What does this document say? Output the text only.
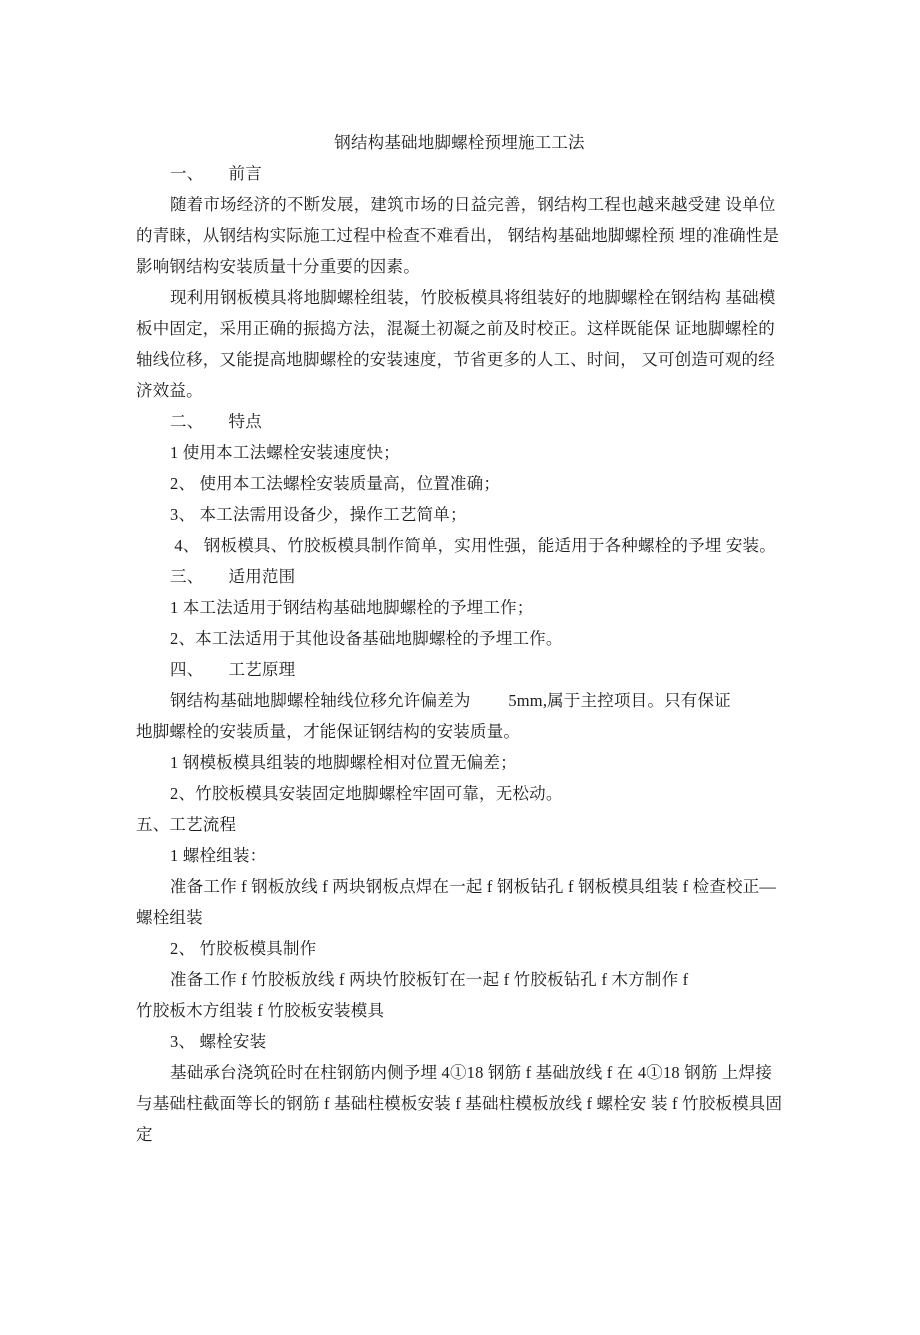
钢结构基础地脚螺栓预埋施工工法
一、　　前言
随着市场经济的不断发展，建筑市场的日益完善，钢结构工程也越来越受建 设单位
的青睐，从钢结构实际施工过程中检查不难看出， 钢结构基础地脚螺栓预 埋的准确性是
影响钢结构安装质量十分重要的因素。
现利用钢板模具将地脚螺栓组装，竹胶板模具将组装好的地脚螺栓在钢结构 基础模
板中固定，采用正确的振捣方法，混凝土初凝之前及时校正。这样既能保 证地脚螺栓的
轴线位移，又能提高地脚螺栓的安装速度，节省更多的人工、时间， 又可创造可观的经
济效益。
二、　　特点
1 使用本工法螺栓安装速度快；
2、 使用本工法螺栓安装质量高，位置准确；
3、 本工法需用设备少，操作工艺简单；
4、 钢板模具、竹胶板模具制作简单，实用性强，能适用于各种螺栓的予埋 安装。
三、　　适用范围
1 本工法适用于钢结构基础地脚螺栓的予埋工作；
2、本工法适用于其他设备基础地脚螺栓的予埋工作。
四、　　工艺原理
钢结构基础地脚螺栓轴线位移允许偏差为　　 5mm,属于主控项目。只有保证
地脚螺栓的安装质量，才能保证钢结构的安装质量。
1 钢模板模具组装的地脚螺栓相对位置无偏差；
2、竹胶板模具安装固定地脚螺栓牢固可靠，无松动。
五、工艺流程
1 螺栓组装：
准备工作 f 钢板放线 f 两块钢板点焊在一起 f 钢板钻孔 f 钢板模具组装 f 检查校正—
螺栓组装
2、 竹胶板模具制作
准备工作 f 竹胶板放线 f 两块竹胶板钉在一起 f 竹胶板钻孔 f 木方制作 f
竹胶板木方组装 f 竹胶板安装模具
3、 螺栓安装
基础承台浇筑砼时在柱钢筋内侧予埋 4①18 钢筋 f 基础放线 f 在 4①18 钢筋 上焊接
与基础柱截面等长的钢筋 f 基础柱模板安装 f 基础柱模板放线 f 螺栓安 装 f 竹胶板模具固
定
